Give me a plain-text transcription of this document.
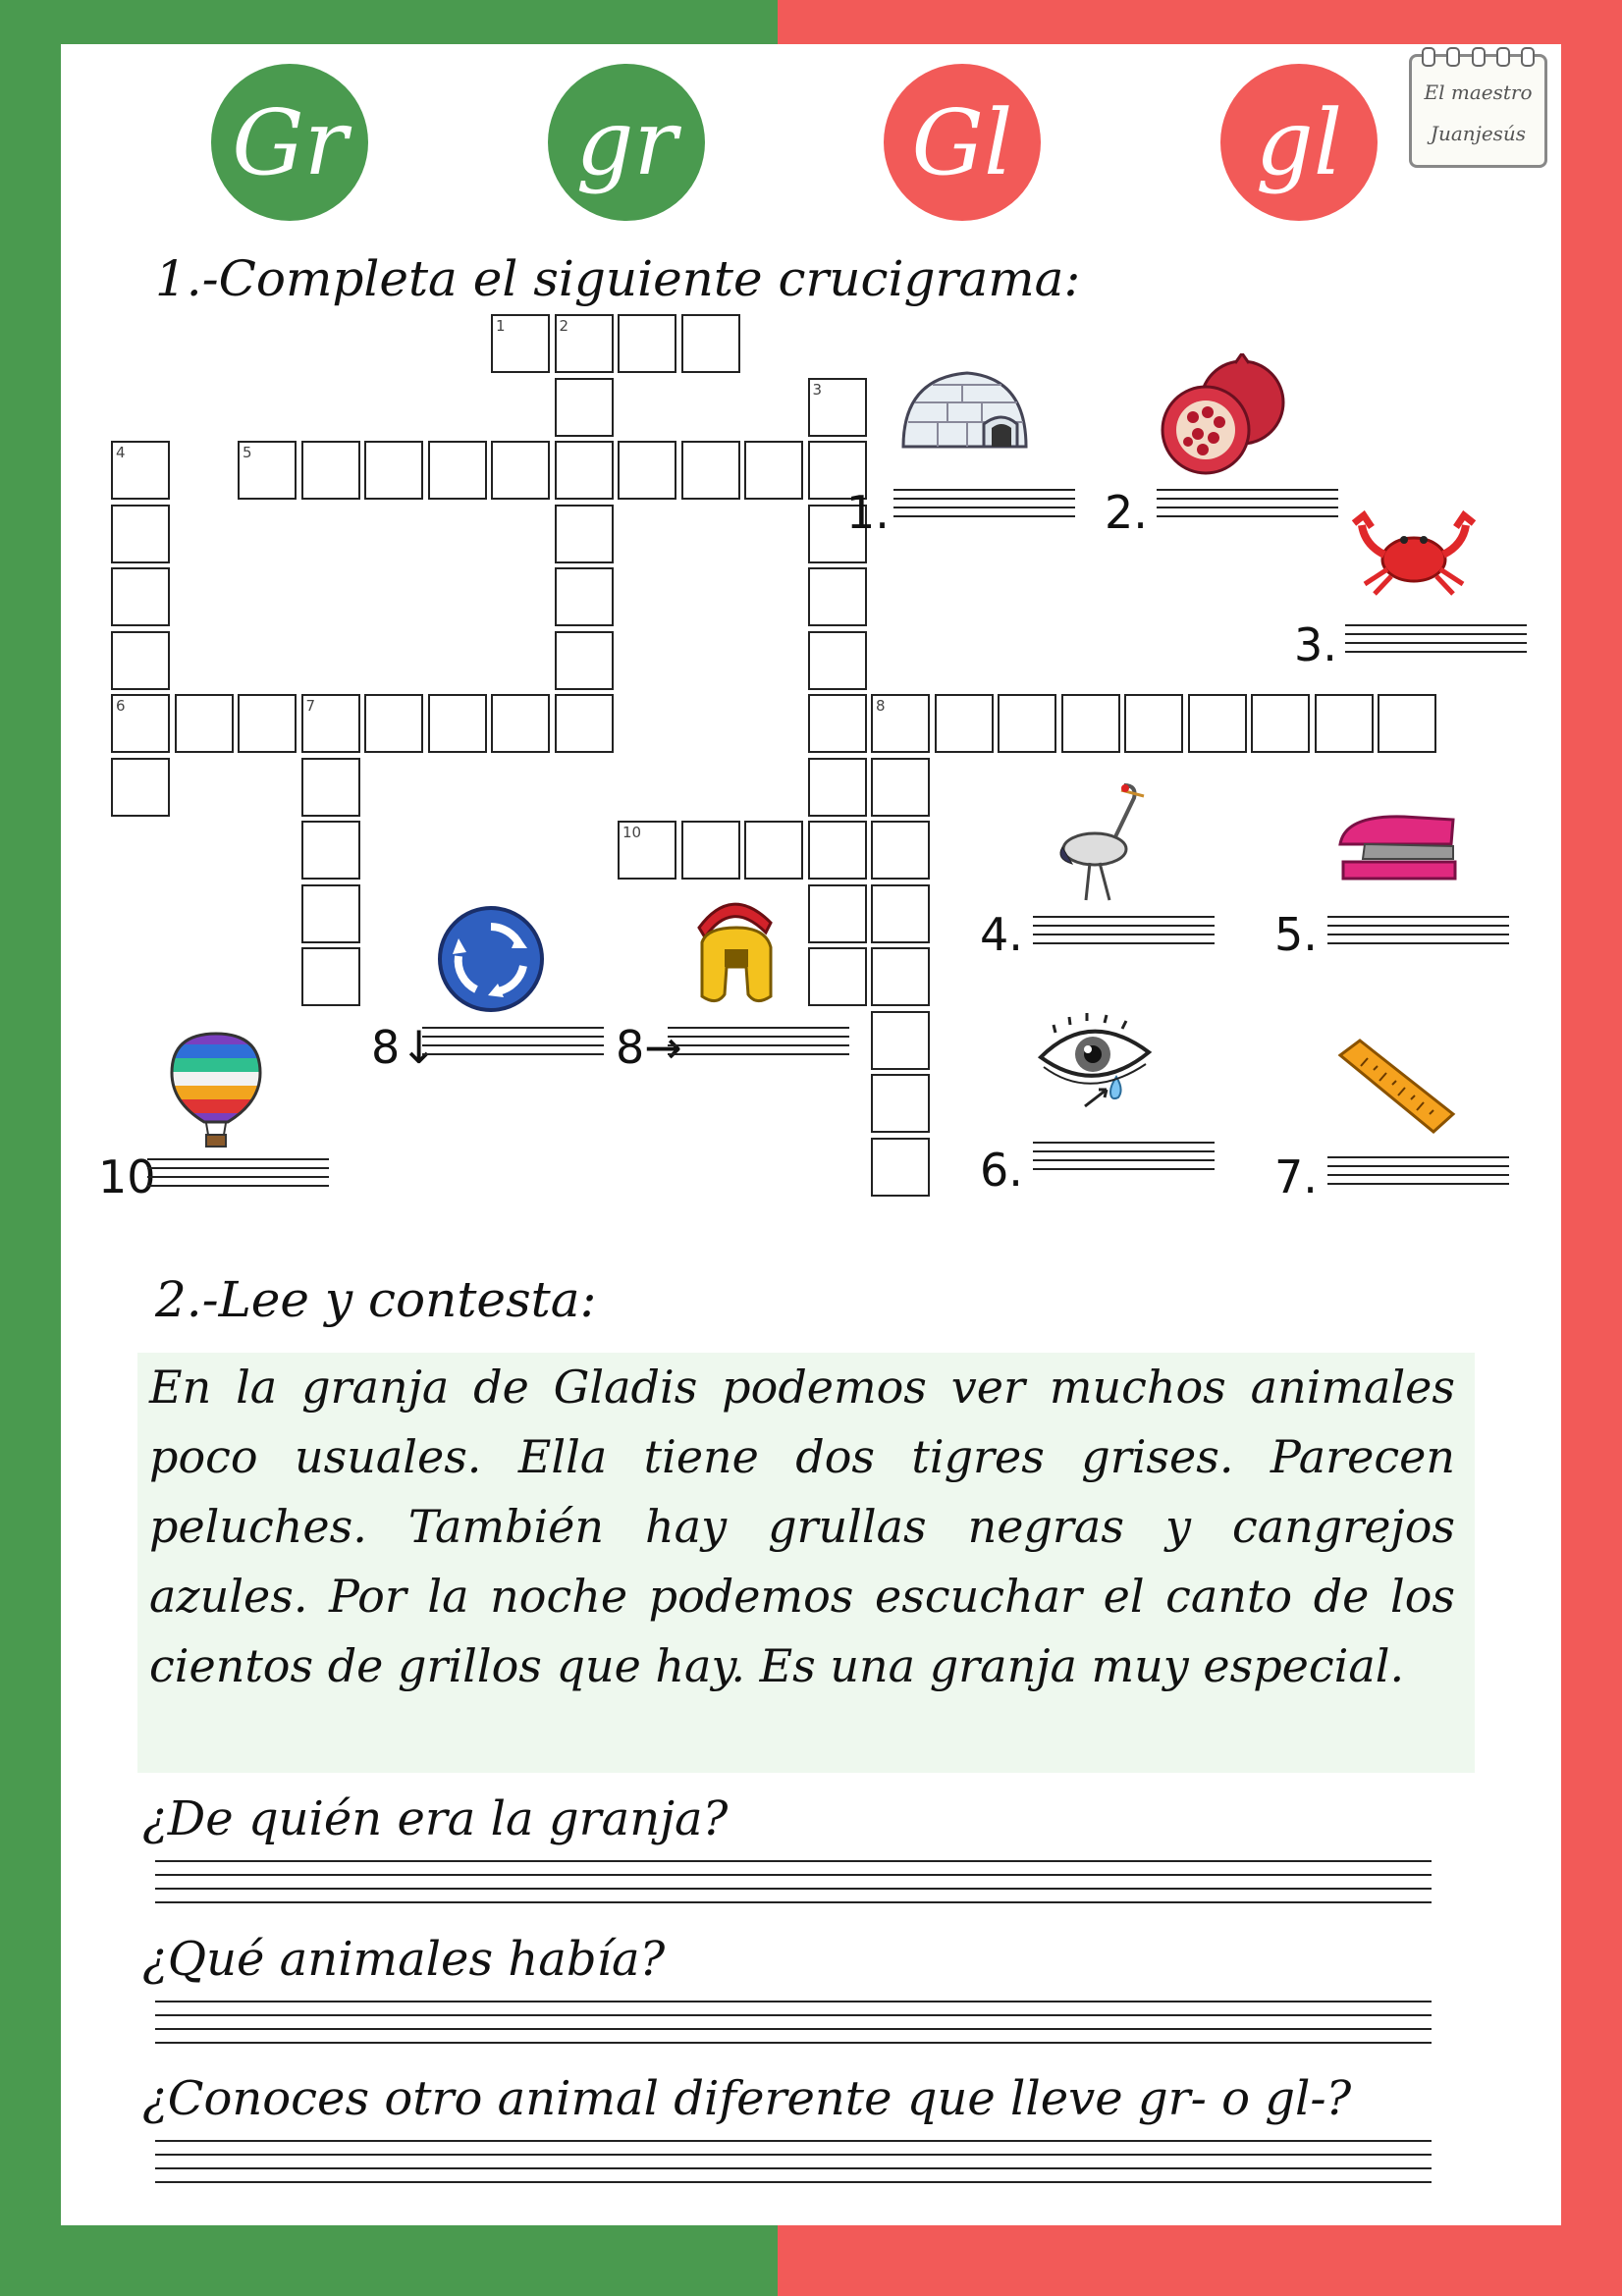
Gr	gr	Gl	gl	El maestro
Juanjesús
1.-Completa el siguiente crucigrama:
1	2
3
4
6
5
7	8
10
1.	2.
3.
4.	5.
6.	7.
8↓	8→
10
2.-Lee y contesta:
En la granja de Gladis podemos ver muchos animales poco usuales. Ella tiene dos tigres grises. Parecen peluches. También hay grullas negras y cangrejos azules. Por la noche podemos escuchar el canto de los cientos de grillos que hay. Es una granja muy especial.
¿De quién era la granja?
¿Qué animales había?
¿Conoces otro animal diferente que lleve gr- o gl-?
